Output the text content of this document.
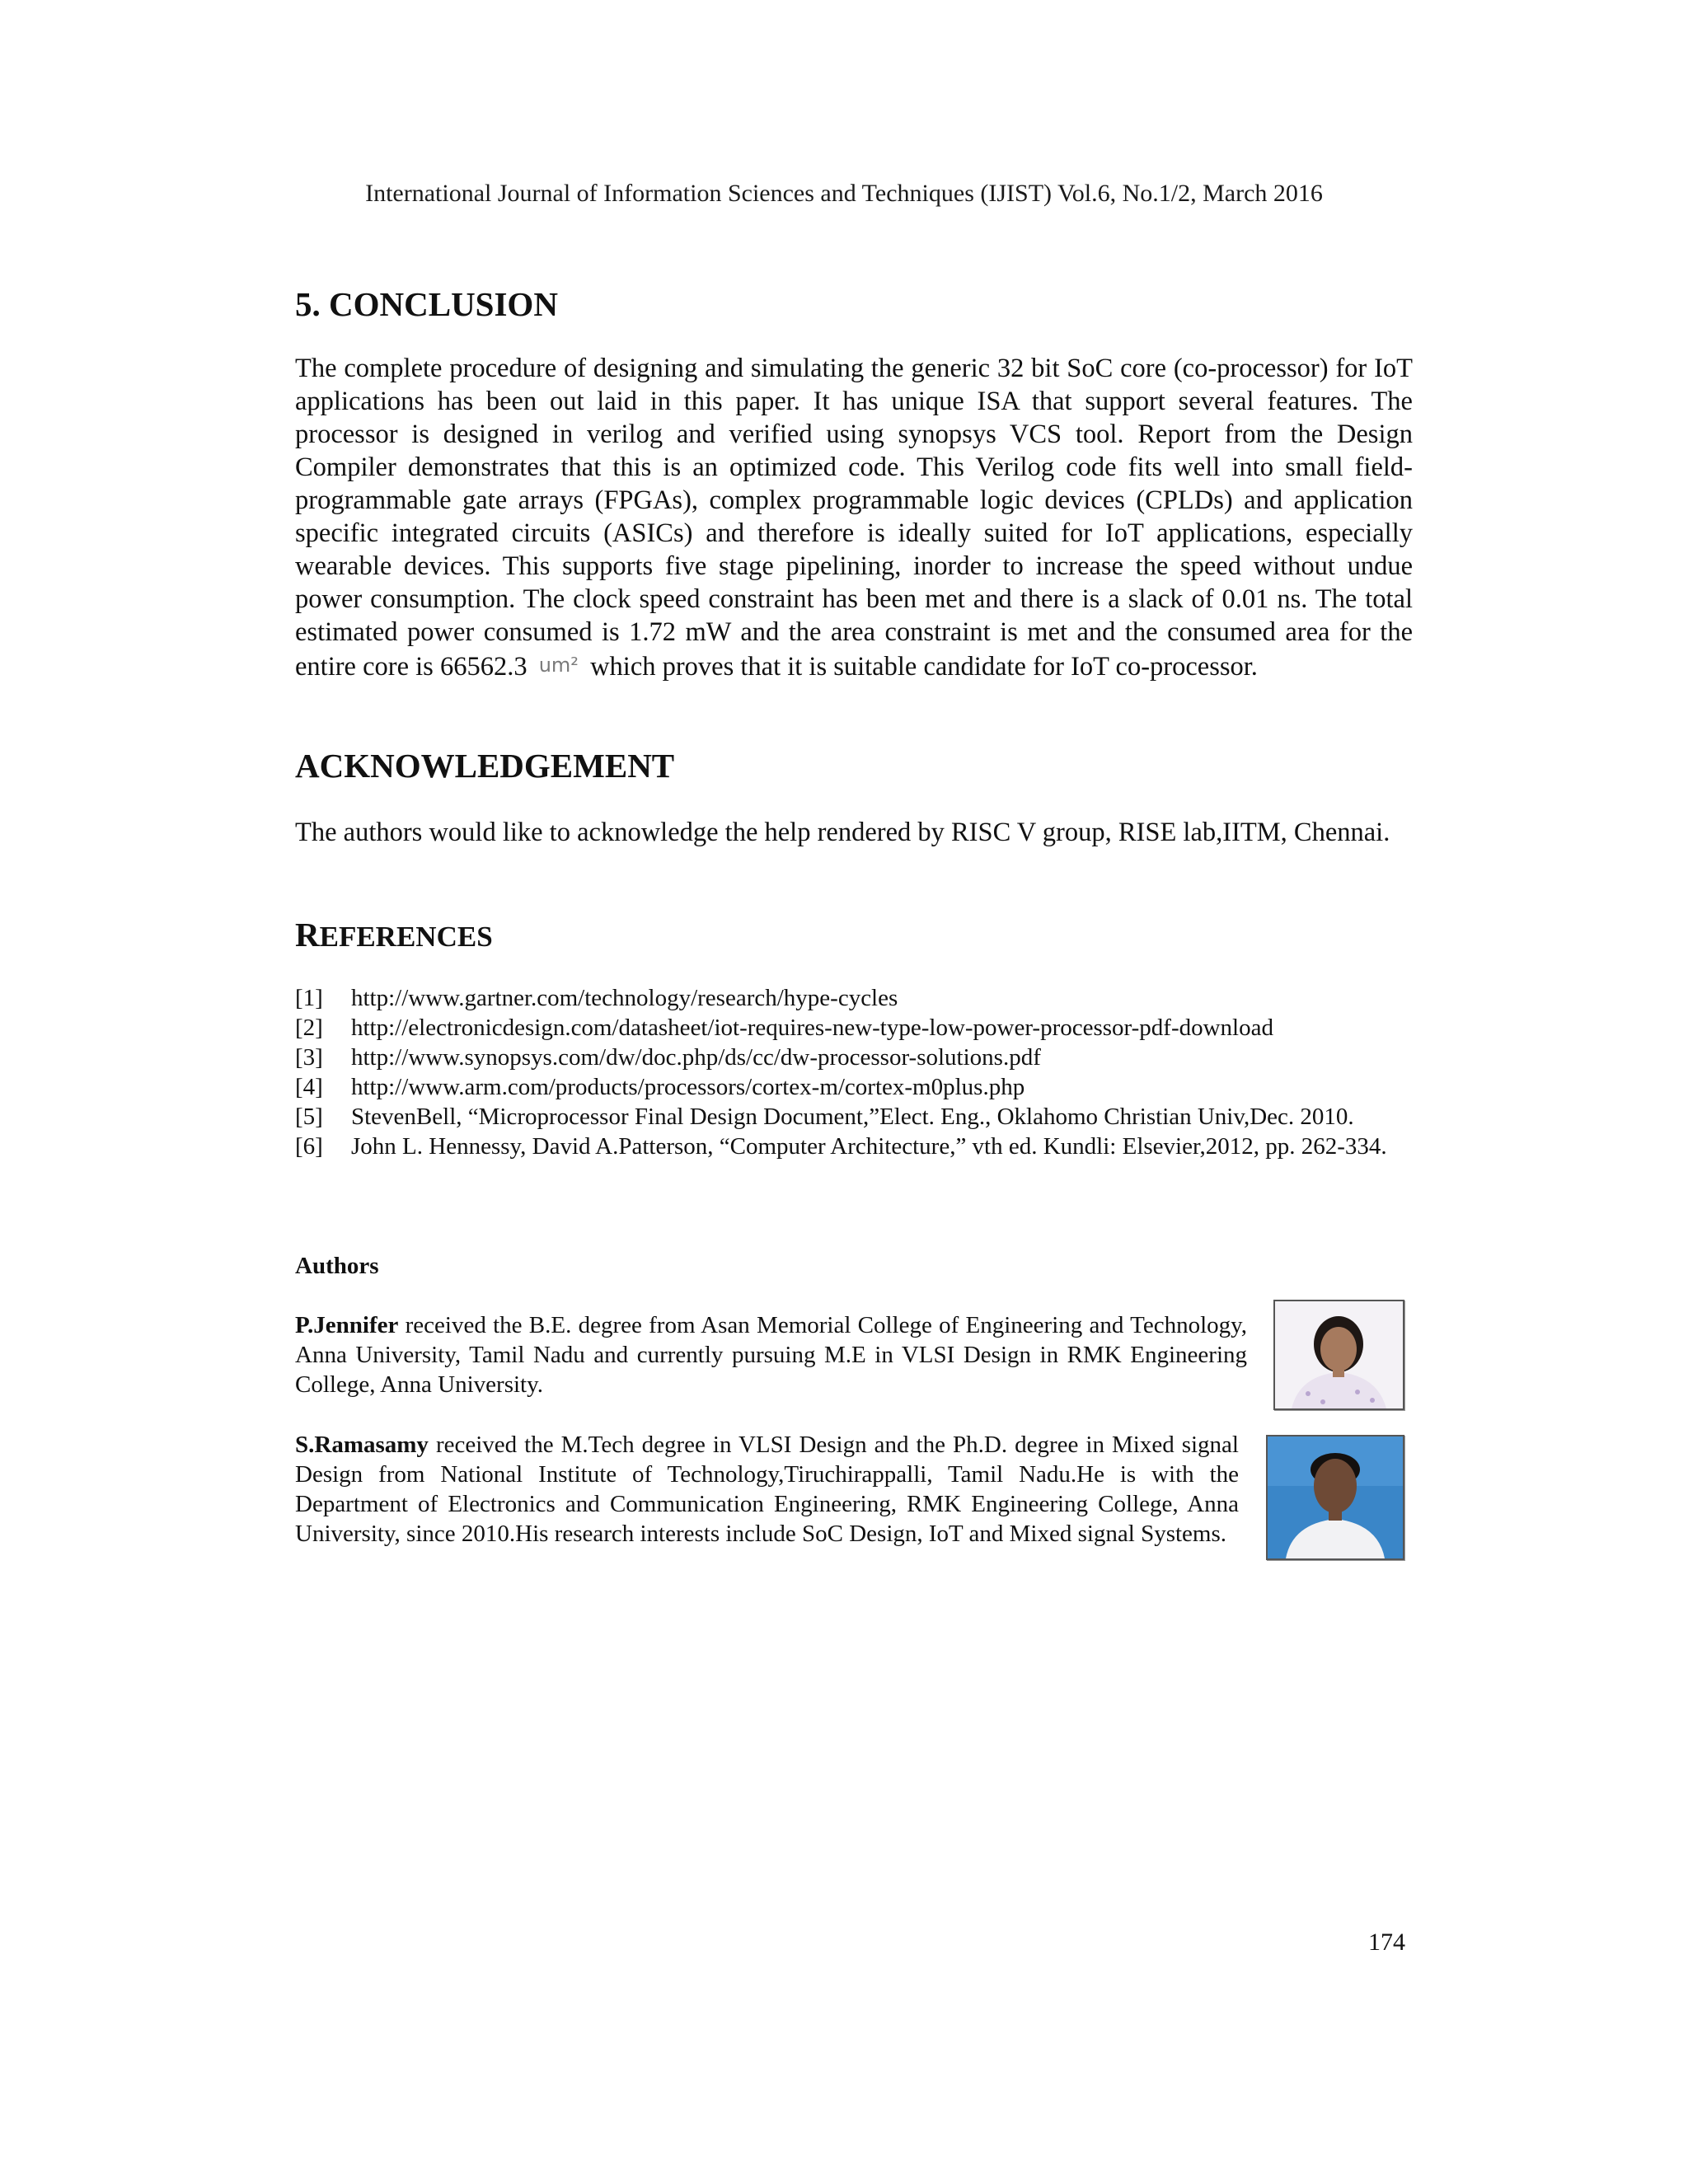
International Journal of Information Sciences and Techniques (IJIST) Vol.6, No.1/2, March 2016
5. CONCLUSION

The complete procedure of designing and simulating the generic 32 bit SoC core (co-processor) for IoT applications has been out laid in this paper. It has unique ISA that support several features. The processor is designed in verilog and verified using synopsys VCS tool. Report from the Design Compiler demonstrates that this is an optimized code. This Verilog code fits well into small field-programmable gate arrays (FPGAs), complex programmable logic devices (CPLDs) and application specific integrated circuits (ASICs) and therefore is ideally suited for IoT applications, especially wearable devices. This supports five stage pipelining, inorder to increase the speed without undue power consumption. The clock speed constraint has been met and there is a slack of 0.01 ns. The total estimated power consumed is 1.72 mW and the area constraint is met and the consumed area for the entire core is 66562.3 um² which proves that it is suitable candidate for IoT co-processor.

ACKNOWLEDGEMENT

The authors would like to acknowledge the help rendered by RISC V group, RISE lab,IITM, Chennai.

REFERENCES
[1] http://www.gartner.com/technology/research/hype-cycles
[2] http://electronicdesign.com/datasheet/iot-requires-new-type-low-power-processor-pdf-download
[3] http://www.synopsys.com/dw/doc.php/ds/cc/dw-processor-solutions.pdf
[4] http://www.arm.com/products/processors/cortex-m/cortex-m0plus.php
[5] StevenBell, “Microprocessor Final Design Document,”Elect. Eng., Oklahomo Christian Univ,Dec. 2010.
[6] John L. Hennessy, David A.Patterson, “Computer Architecture,” vth ed. Kundli: Elsevier,2012, pp. 262-334.
Authors
P.Jennifer received the B.E. degree from Asan Memorial College of Engineering and Technology, Anna University, Tamil Nadu and currently pursuing M.E in VLSI Design in RMK Engineering College, Anna University.
S.Ramasamy received the M.Tech degree in VLSI Design and the Ph.D. degree in Mixed signal Design from National Institute of Technology,Tiruchirappalli, Tamil Nadu.He is with the Department of Electronics and Communication Engineering, RMK Engineering College, Anna University, since 2010.His research interests include SoC Design, IoT and Mixed signal Systems.
174
